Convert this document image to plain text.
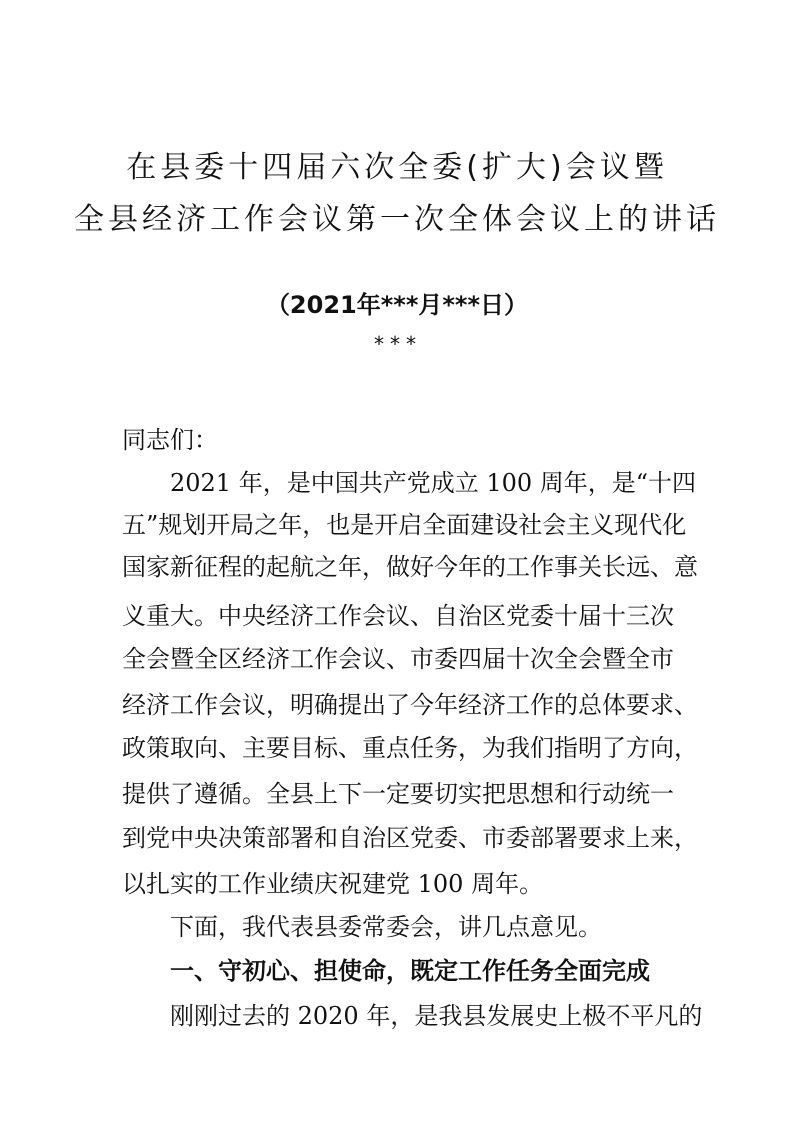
在县委十四届六次全委(扩大)会议暨
全县经济工作会议第一次全体会议上的讲话
（2021年***月***日）
***
同志们：
2021 年，是中国共产党成立 100 周年，是“十四
五”规划开局之年，也是开启全面建设社会主义现代化
国家新征程的起航之年，做好今年的工作事关长远、意
义重大。中央经济工作会议、自治区党委十届十三次
全会暨全区经济工作会议、市委四届十次全会暨全市
经济工作会议，明确提出了今年经济工作的总体要求、
政策取向、主要目标、重点任务，为我们指明了方向，
提供了遵循。全县上下一定要切实把思想和行动统一
到党中央决策部署和自治区党委、市委部署要求上来，
以扎实的工作业绩庆祝建党 100 周年。
下面，我代表县委常委会，讲几点意见。
一、守初心、担使命，既定工作任务全面完成
刚刚过去的 2020 年，是我县发展史上极不平凡的
